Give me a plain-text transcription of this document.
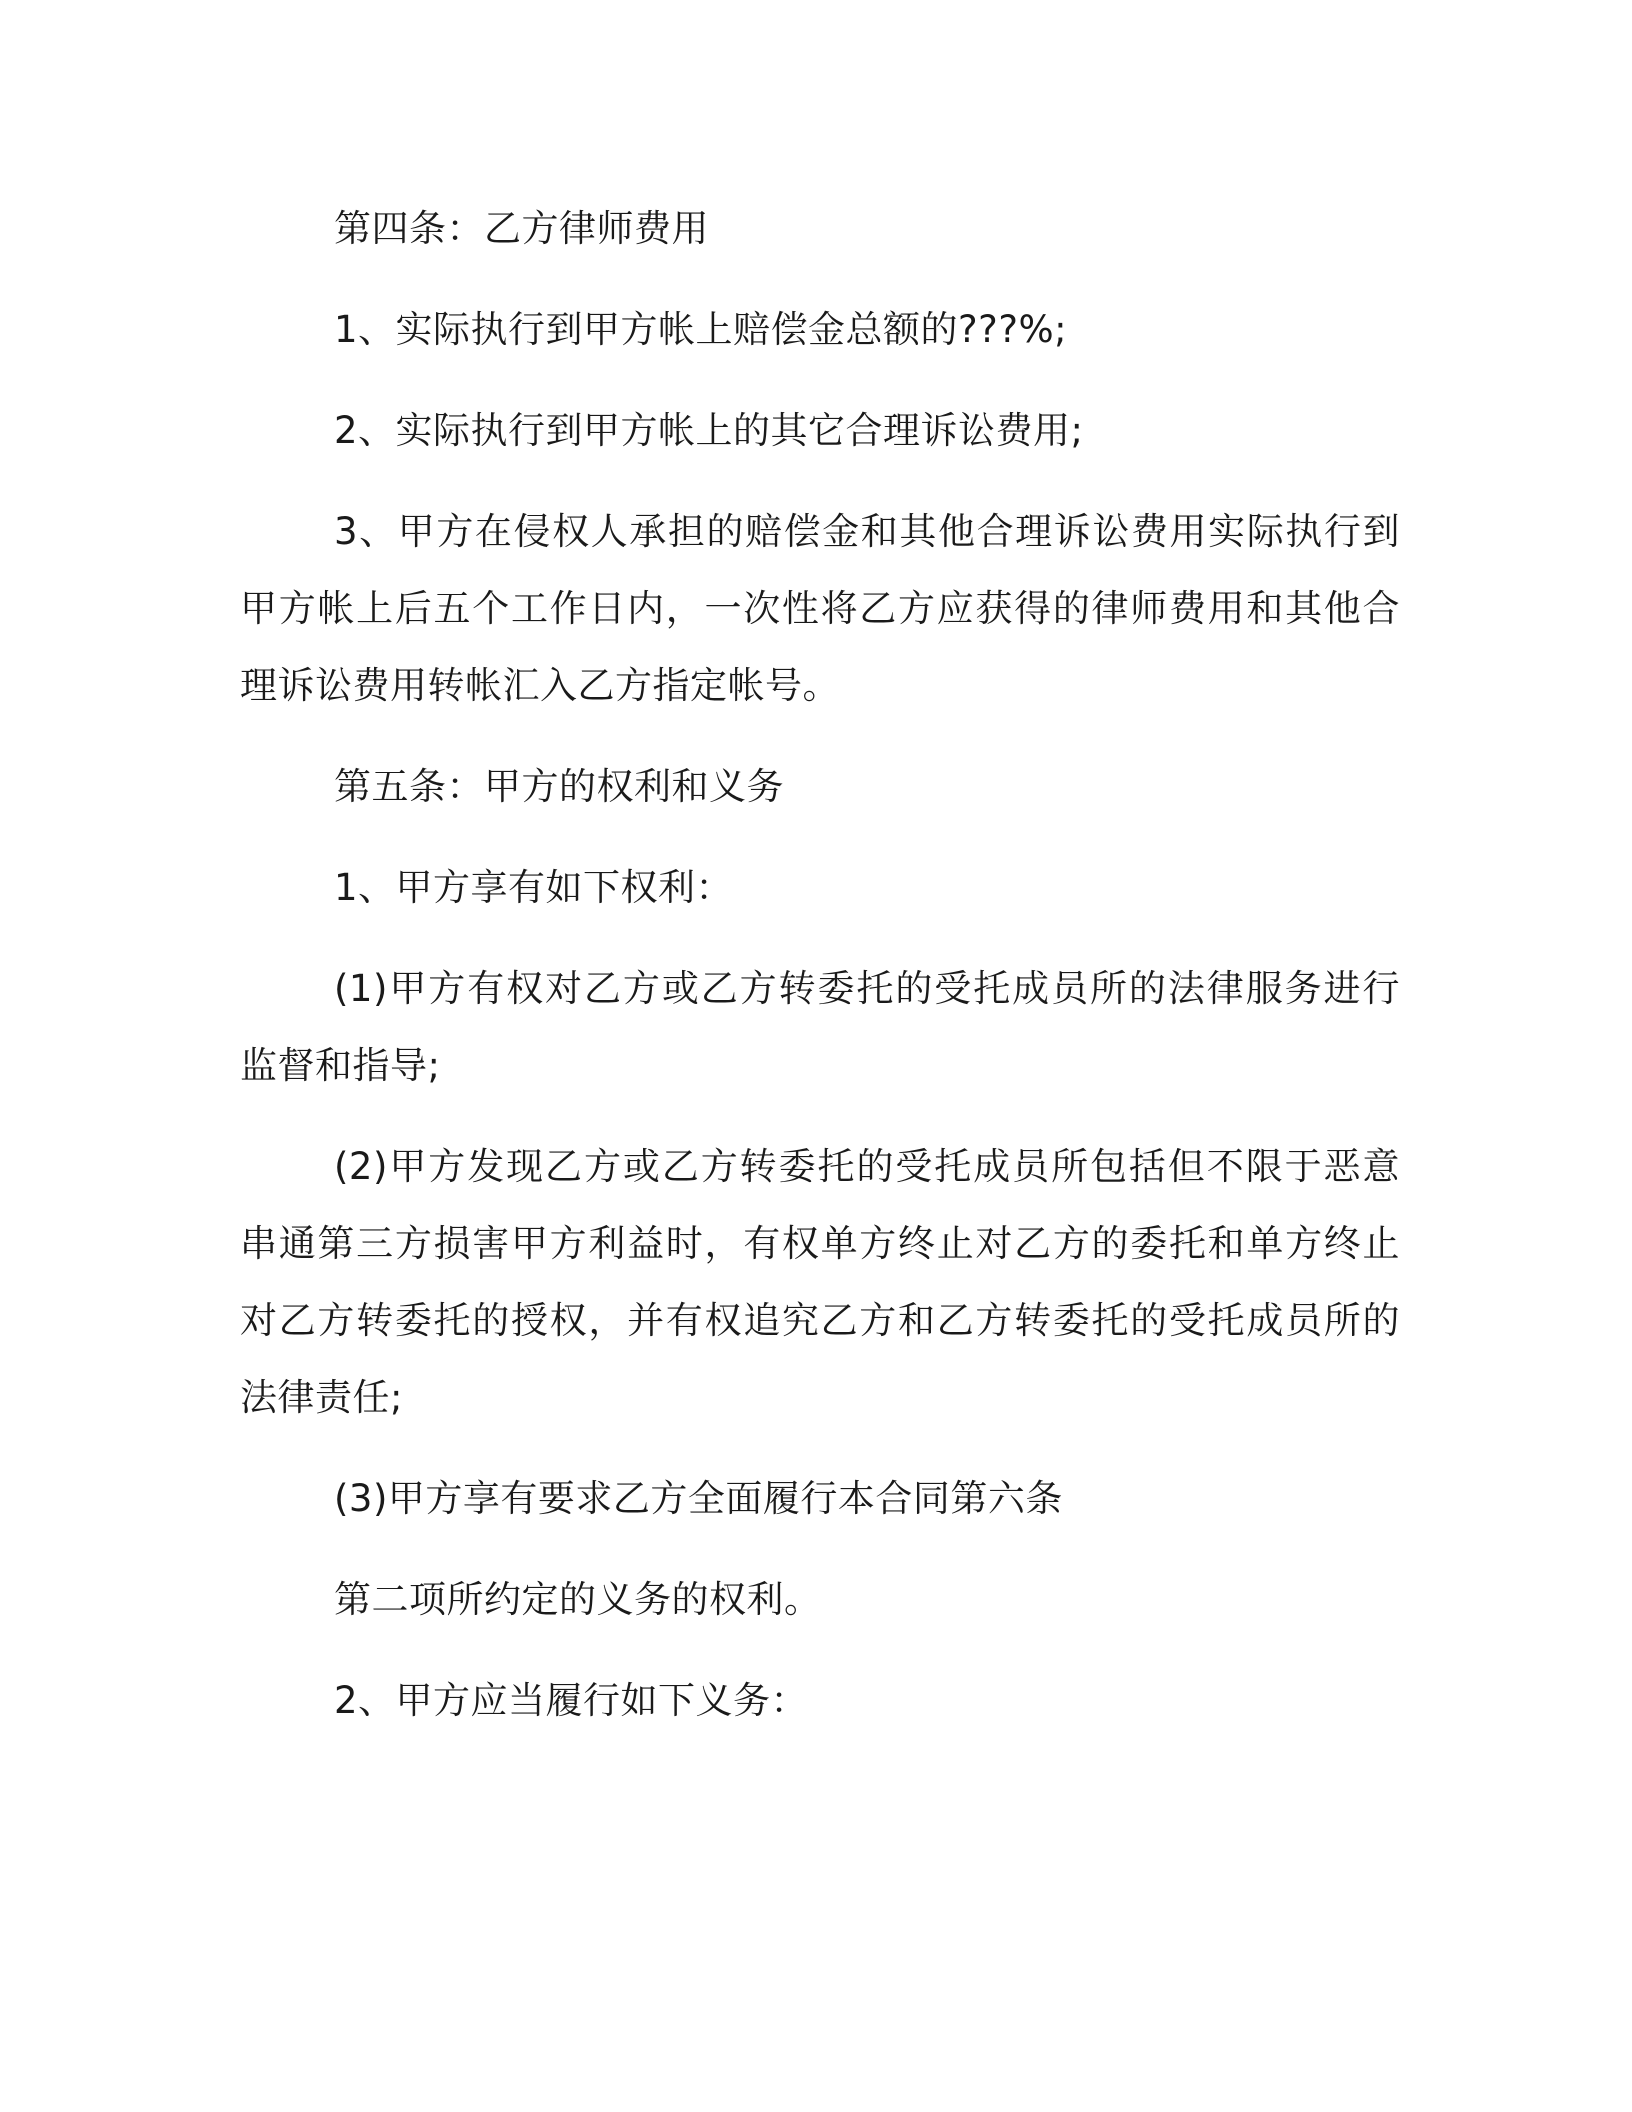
第四条：乙方律师费用

1、实际执行到甲方帐上赔偿金总额的???%;

2、实际执行到甲方帐上的其它合理诉讼费用;

3、甲方在侵权人承担的赔偿金和其他合理诉讼费用实际执行到甲方帐上后五个工作日内，一次性将乙方应获得的律师费用和其他合理诉讼费用转帐汇入乙方指定帐号。

第五条：甲方的权利和义务

1、甲方享有如下权利：

(1)甲方有权对乙方或乙方转委托的受托成员所的法律服务进行监督和指导;

(2)甲方发现乙方或乙方转委托的受托成员所包括但不限于恶意串通第三方损害甲方利益时，有权单方终止对乙方的委托和单方终止对乙方转委托的授权，并有权追究乙方和乙方转委托的受托成员所的法律责任;

(3)甲方享有要求乙方全面履行本合同第六条

第二项所约定的义务的权利。

2、甲方应当履行如下义务：
